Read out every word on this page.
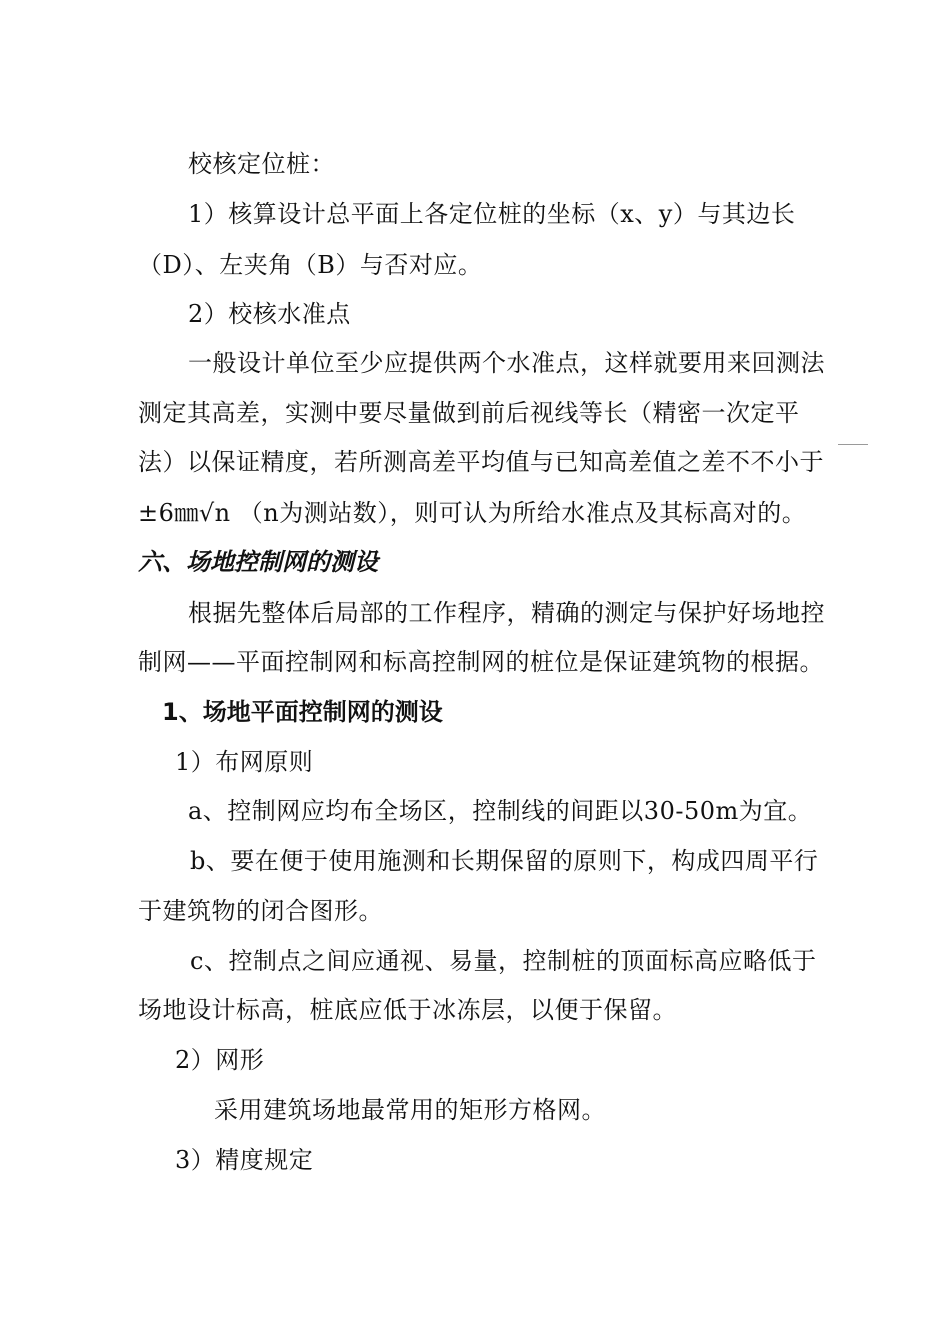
校核定位桩：
1）核算设计总平面上各定位桩的坐标（x、y）与其边长
（D）、左夹角（B）与否对应。
2）校核水准点
一般设计单位至少应提供两个水准点，这样就要用来回测法
测定其高差，实测中要尽量做到前后视线等长（精密一次定平
法）以保证精度，若所测高差平均值与已知高差值之差不不小于
±6㎜√n （n为测站数），则可认为所给水准点及其标高对的。
六、场地控制网的测设
根据先整体后局部的工作程序，精确的测定与保护好场地控
制网——平面控制网和标高控制网的桩位是保证建筑物的根据。
1、场地平面控制网的测设
1）布网原则
a、控制网应均布全场区，控制线的间距以30-50m为宜。
b、要在便于使用施测和长期保留的原则下，构成四周平行
于建筑物的闭合图形。
c、控制点之间应通视、易量，控制桩的顶面标高应略低于
场地设计标高，桩底应低于冰冻层，以便于保留。
2）网形
采用建筑场地最常用的矩形方格网。
3）精度规定
